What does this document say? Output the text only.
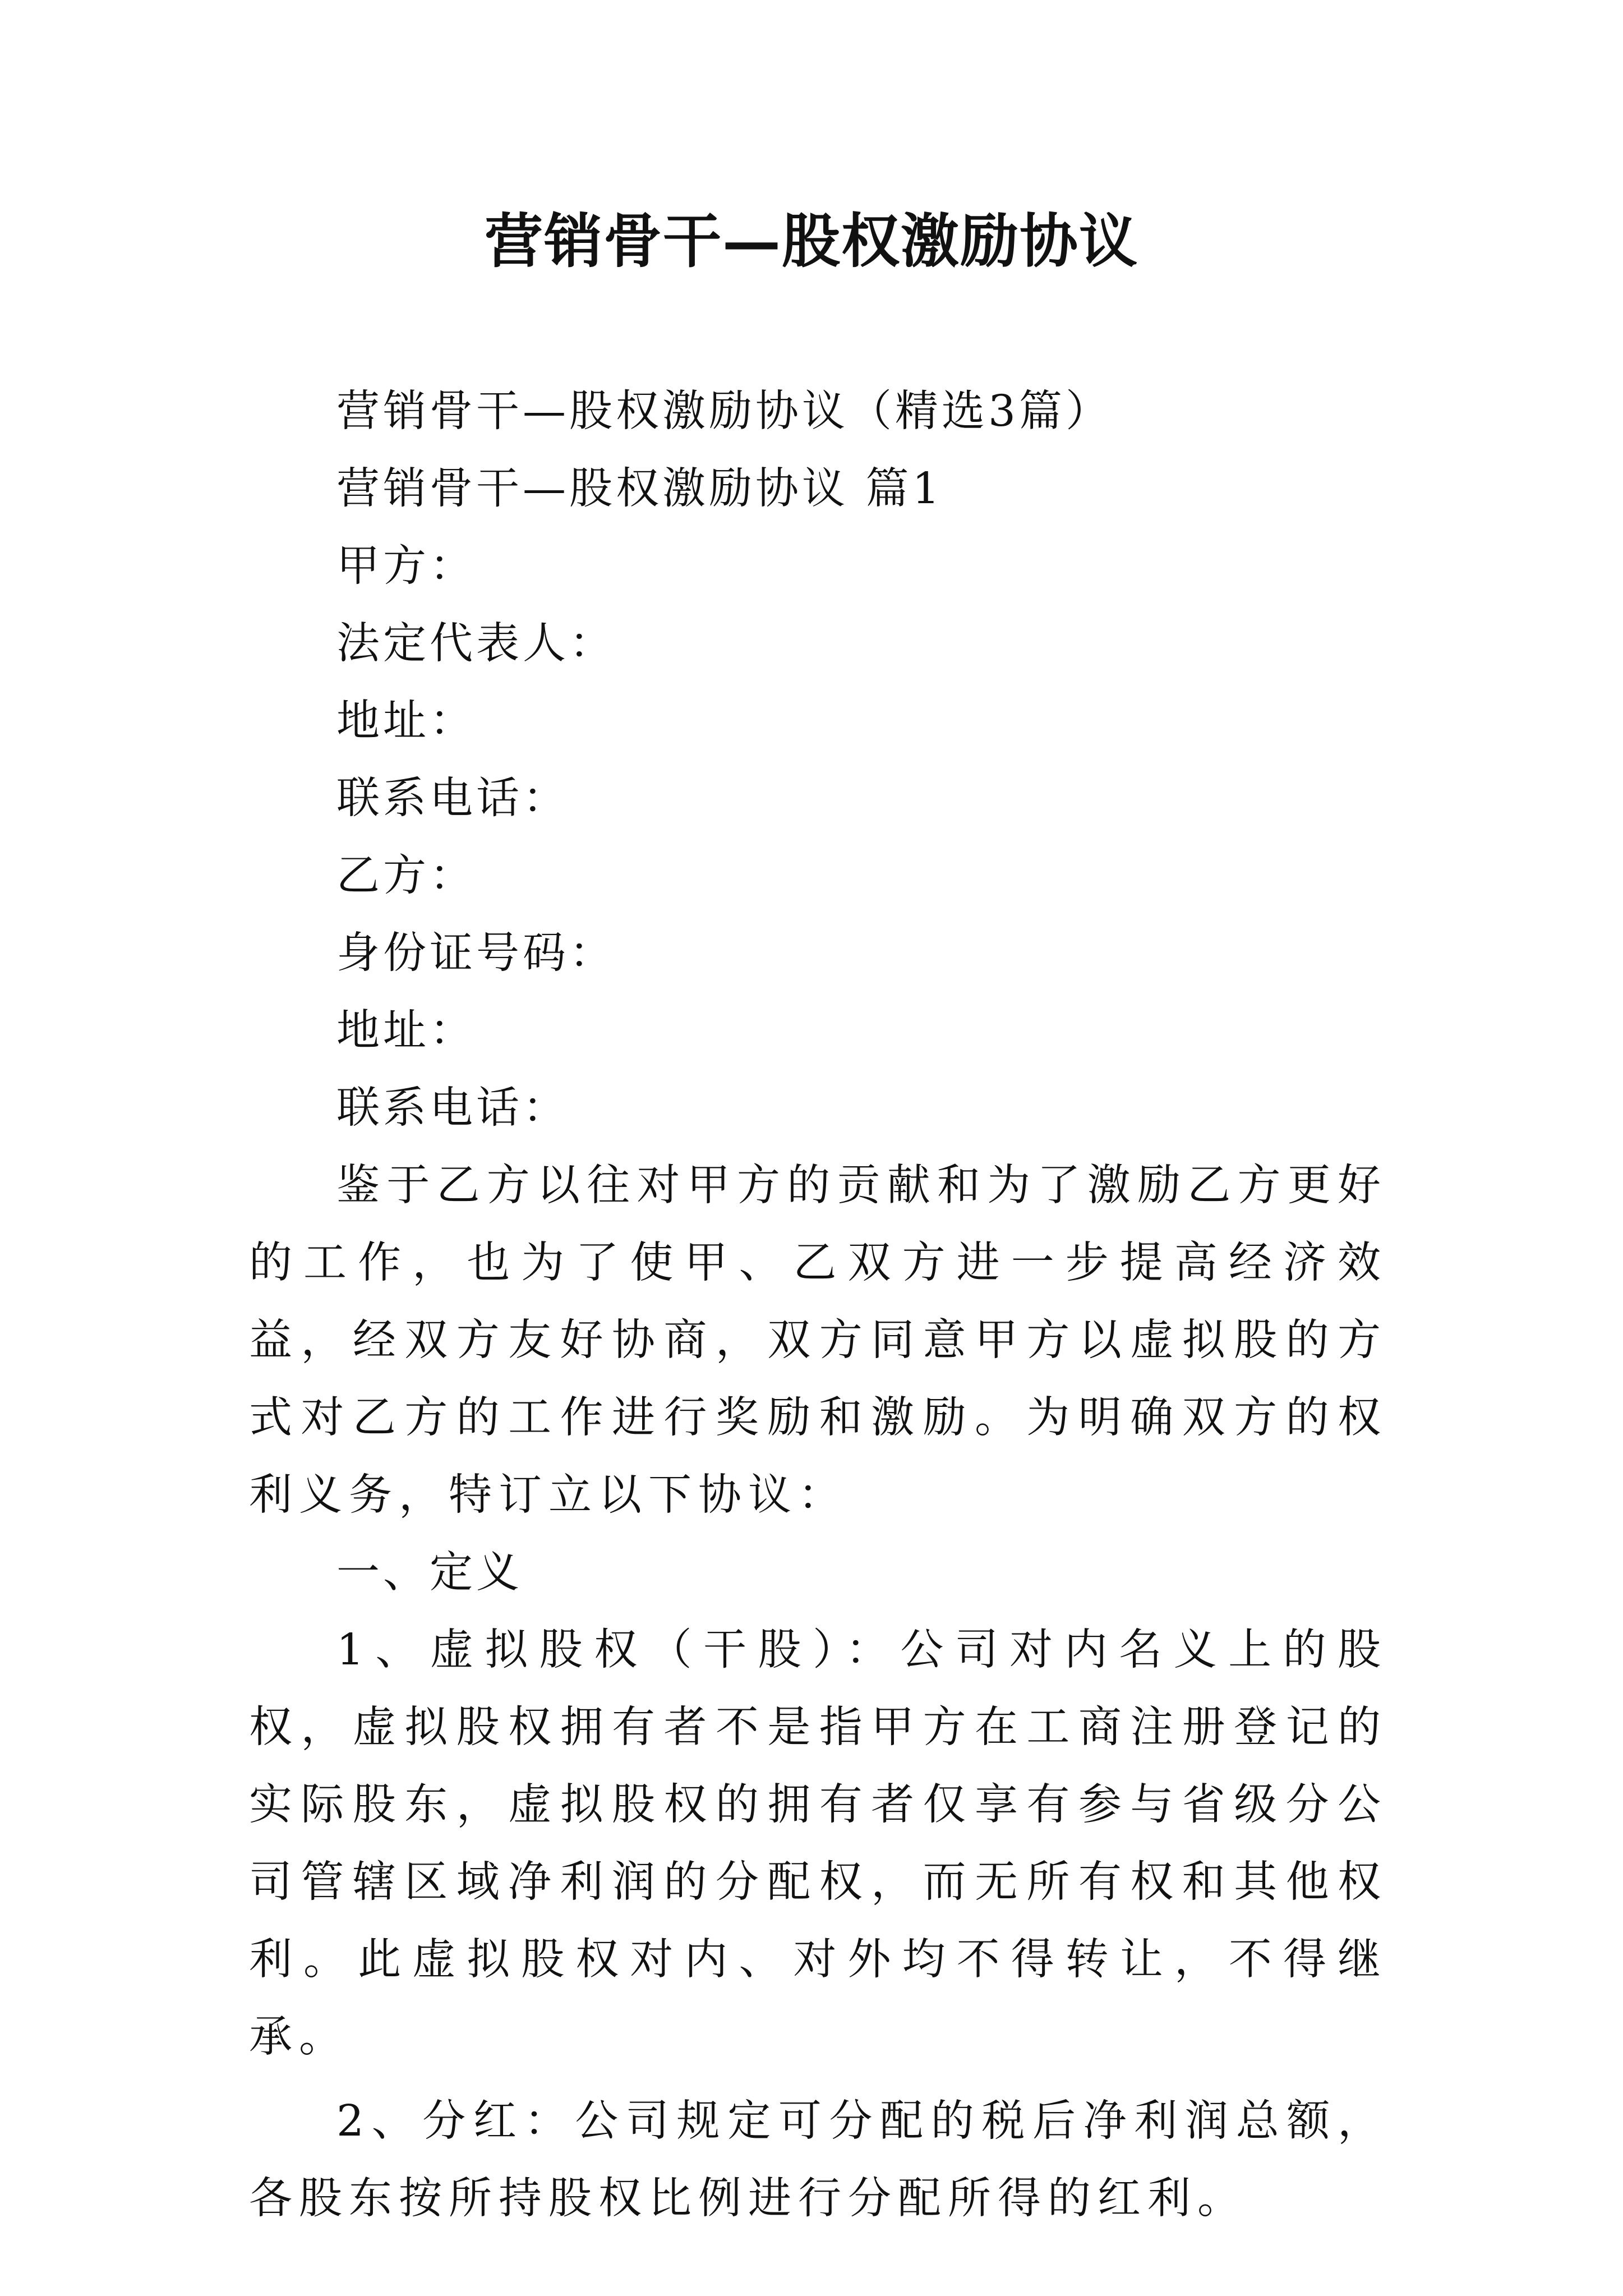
营销骨干—股权激励协议

营销骨干—股权激励协议（精选3篇）

营销骨干—股权激励协议 篇1

甲方：

法定代表人：

地址：

联系电话：

乙方：

身份证号码：

地址：

联系电话：

鉴于乙方以往对甲方的贡献和为了激励乙方更好的工作，也为了使甲、乙双方进一步提高经济效益，经双方友好协商，双方同意甲方以虚拟股的方式对乙方的工作进行奖励和激励。为明确双方的权利义务，特订立以下协议：

一、定义

1、虚拟股权（干股）：公司对内名义上的股权，虚拟股权拥有者不是指甲方在工商注册登记的实际股东，虚拟股权的拥有者仅享有参与省级分公司管辖区域净利润的分配权，而无所有权和其他权利。此虚拟股权对内、对外均不得转让，不得继承。

2、分红：公司规定可分配的税后净利润总额，各股东按所持股权比例进行分配所得的红利。
